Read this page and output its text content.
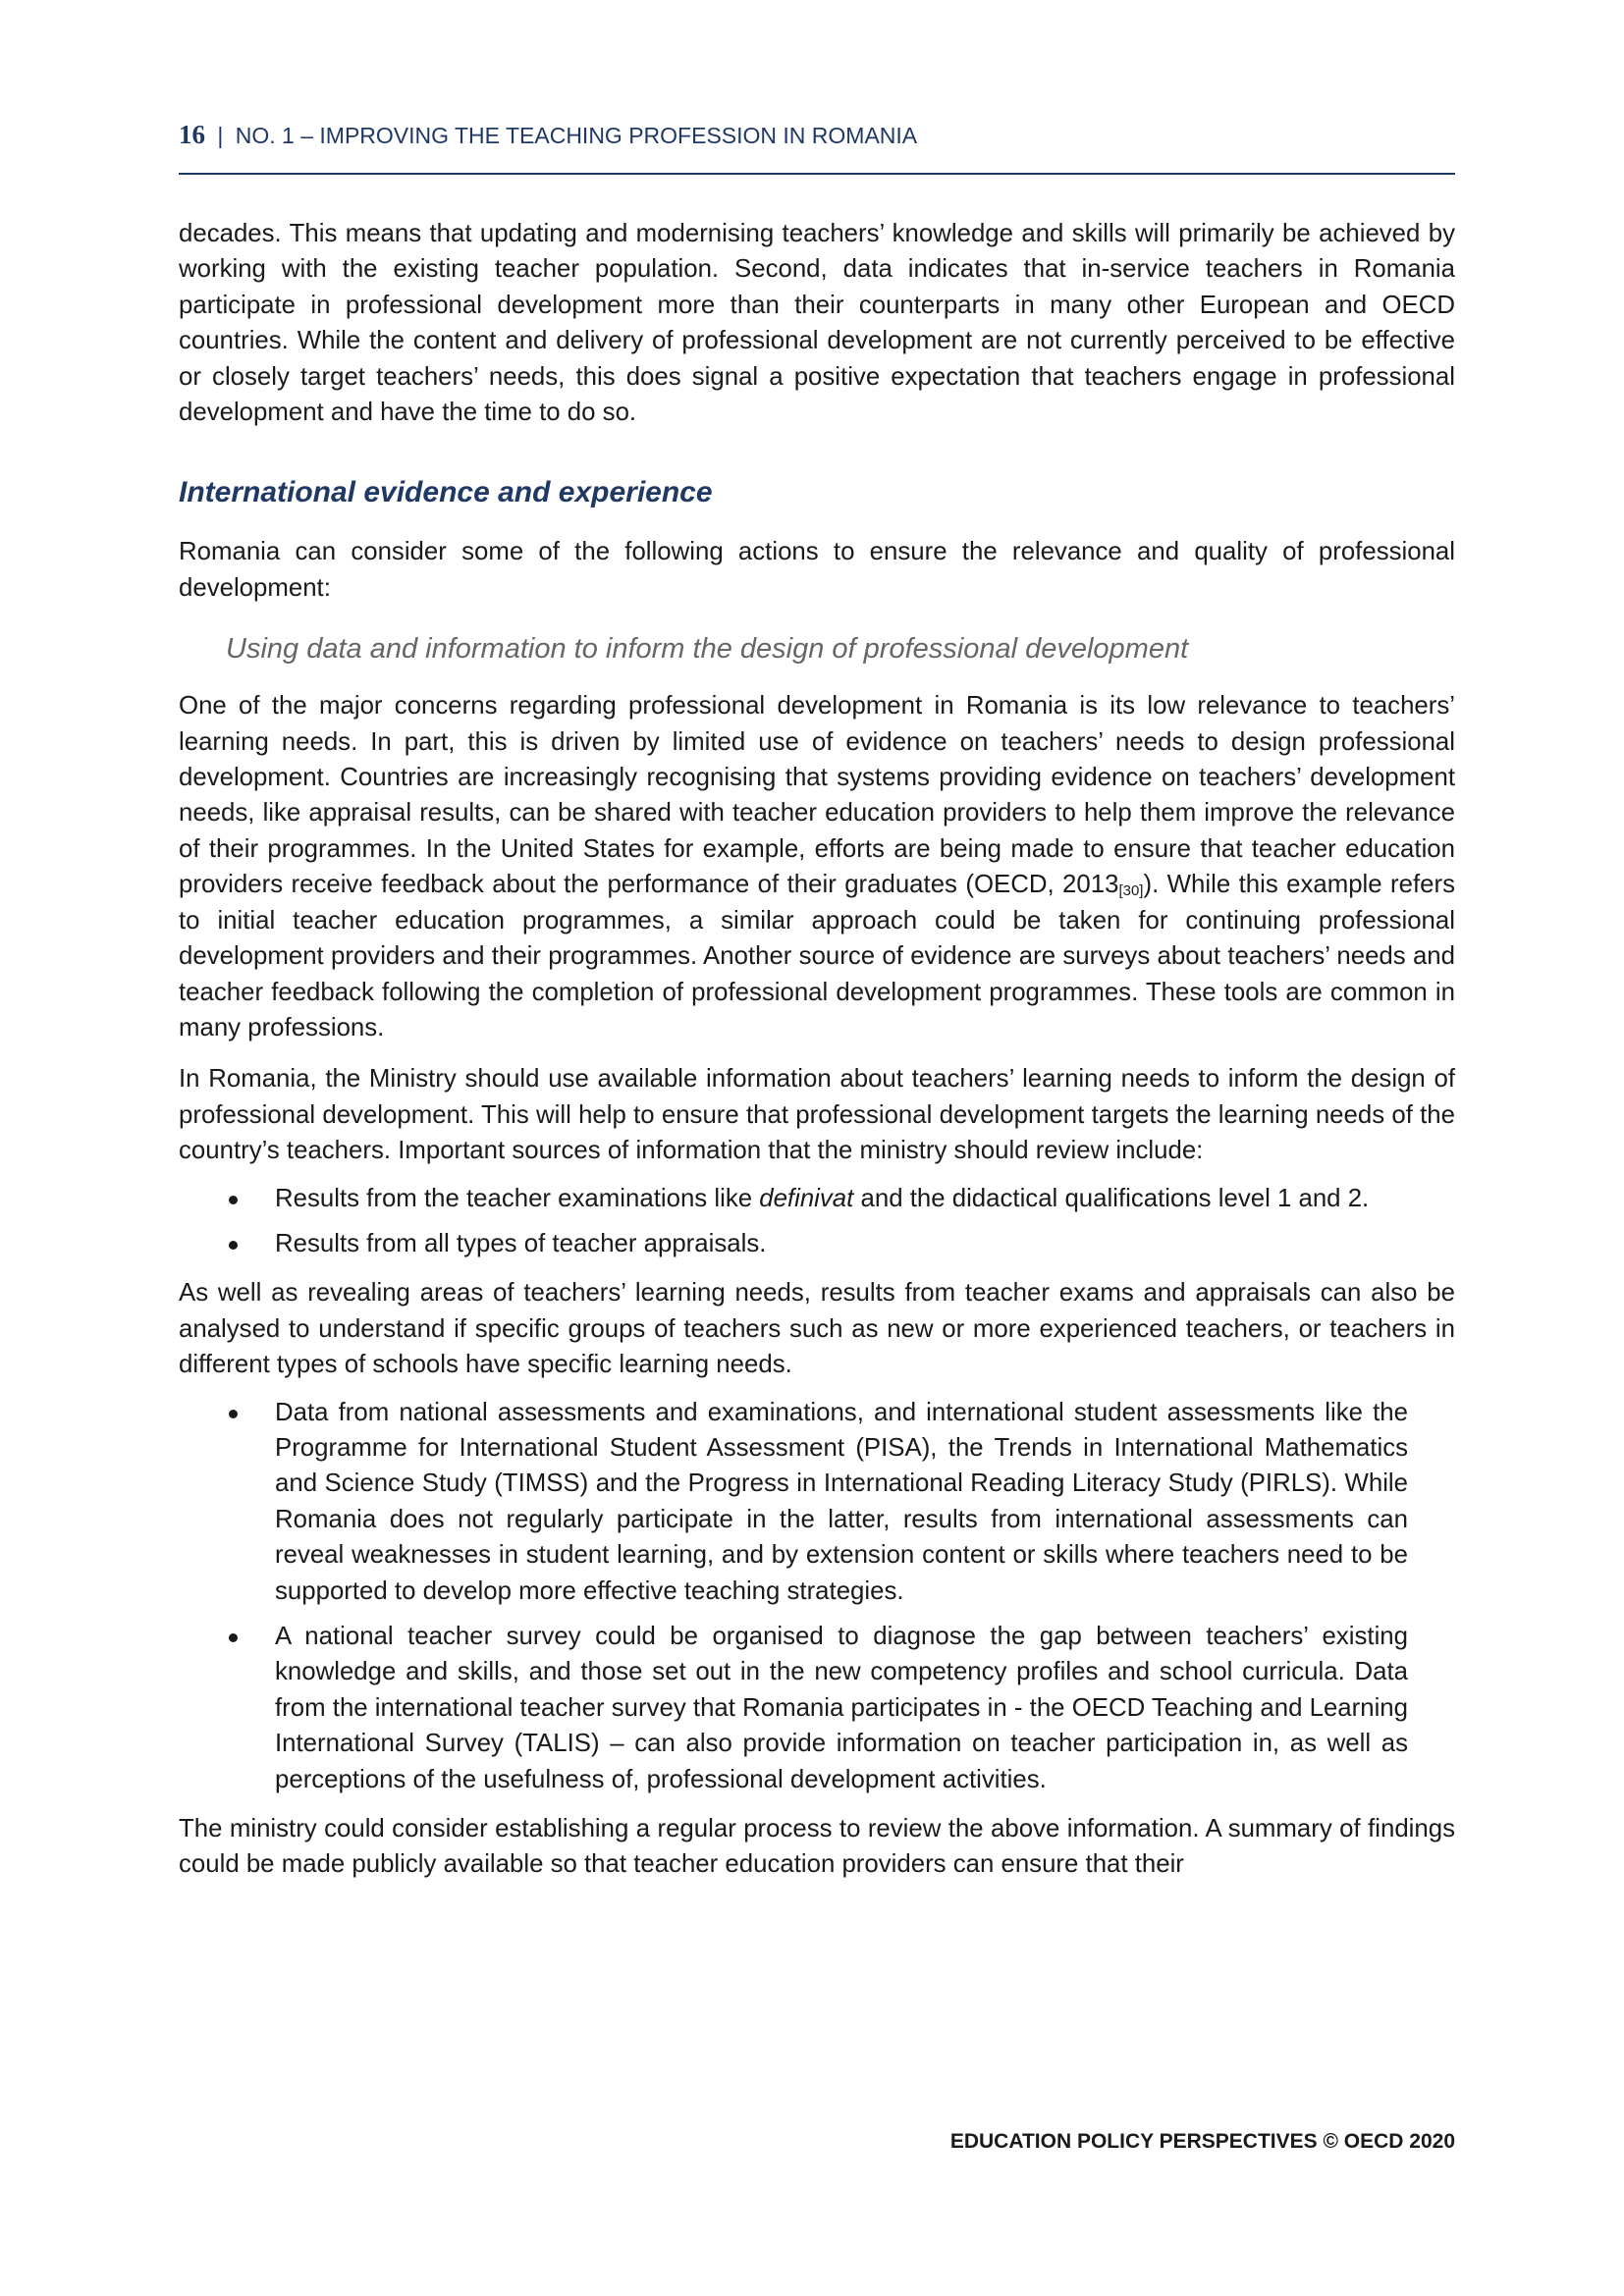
16 | NO. 1 – IMPROVING THE TEACHING PROFESSION IN ROMANIA

decades. This means that updating and modernising teachers’ knowledge and skills will primarily be achieved by working with the existing teacher population. Second, data indicates that in-service teachers in Romania participate in professional development more than their counterparts in many other European and OECD countries. While the content and delivery of professional development are not currently perceived to be effective or closely target teachers’ needs, this does signal a positive expectation that teachers engage in professional development and have the time to do so.

International evidence and experience

Romania can consider some of the following actions to ensure the relevance and quality of professional development:

Using data and information to inform the design of professional development

One of the major concerns regarding professional development in Romania is its low relevance to teachers’ learning needs. In part, this is driven by limited use of evidence on teachers’ needs to design professional development. Countries are increasingly recognising that systems providing evidence on teachers’ development needs, like appraisal results, can be shared with teacher education providers to help them improve the relevance of their programmes. In the United States for example, efforts are being made to ensure that teacher education providers receive feedback about the performance of their graduates (OECD, $2013_{[30]}$). While this example refers to initial teacher education programmes, a similar approach could be taken for continuing professional development providers and their programmes. Another source of evidence are surveys about teachers’ needs and teacher feedback following the completion of professional development programmes. These tools are common in many professions.

In Romania, the Ministry should use available information about teachers’ learning needs to inform the design of professional development. This will help to ensure that professional development targets the learning needs of the country’s teachers. Important sources of information that the ministry should review include:

Results from the teacher examinations like definivat and the didactical qualifications level 1 and 2.

Results from all types of teacher appraisals.

As well as revealing areas of teachers’ learning needs, results from teacher exams and appraisals can also be analysed to understand if specific groups of teachers such as new or more experienced teachers, or teachers in different types of schools have specific learning needs.

Data from national assessments and examinations, and international student assessments like the Programme for International Student Assessment (PISA), the Trends in International Mathematics and Science Study (TIMSS) and the Progress in International Reading Literacy Study (PIRLS). While Romania does not regularly participate in the latter, results from international assessments can reveal weaknesses in student learning, and by extension content or skills where teachers need to be supported to develop more effective teaching strategies.

A national teacher survey could be organised to diagnose the gap between teachers’ existing knowledge and skills, and those set out in the new competency profiles and school curricula. Data from the international teacher survey that Romania participates in - the OECD Teaching and Learning International Survey (TALIS) – can also provide information on teacher participation in, as well as perceptions of the usefulness of, professional development activities.

The ministry could consider establishing a regular process to review the above information. A summary of findings could be made publicly available so that teacher education providers can ensure that their

EDUCATION POLICY PERSPECTIVES © OECD 2020
